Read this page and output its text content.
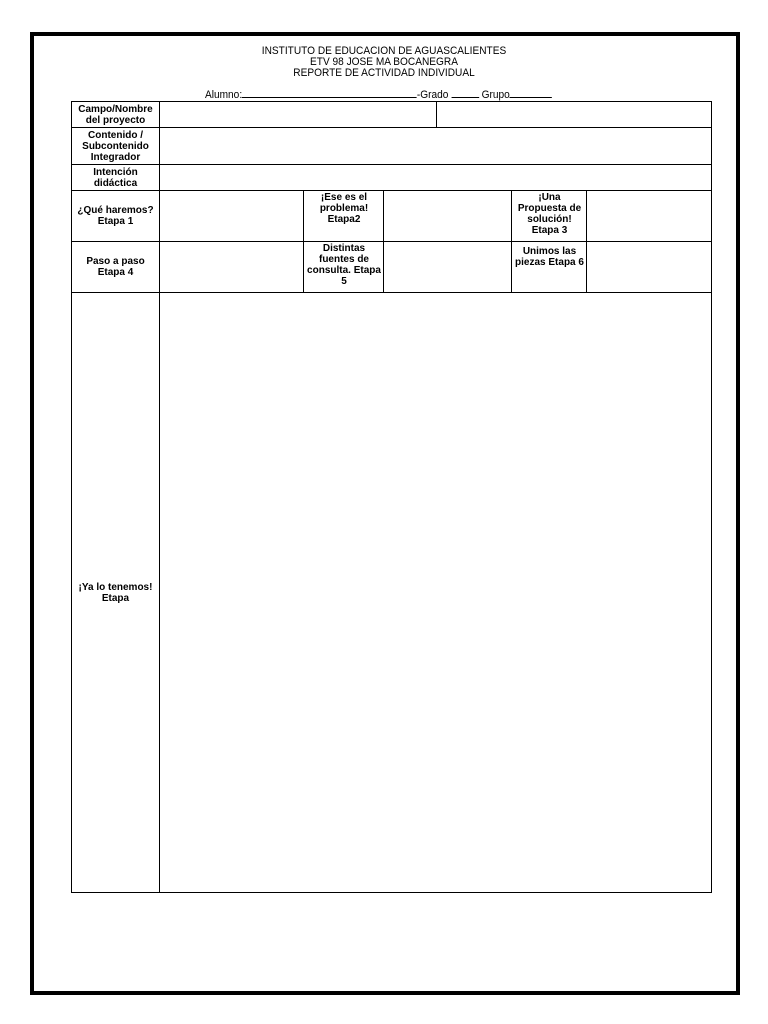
INSTITUTO DE EDUCACION DE AGUASCALIENTES
ETV 98 JOSE MA BOCANEGRA
REPORTE DE ACTIVIDAD INDIVIDUAL
Alumno:	-Grado	Grupo
Campo/Nombre del proyecto
Contenido / Subcontenido Integrador
Intención didáctica
¿Qué haremos? Etapa 1
¡Ese es el problema! Etapa2
¡Una Propuesta de solución! Etapa 3
Paso a paso Etapa 4
Distintas fuentes de consulta. Etapa 5
Unimos las piezas Etapa 6
¡Ya lo tenemos! Etapa
